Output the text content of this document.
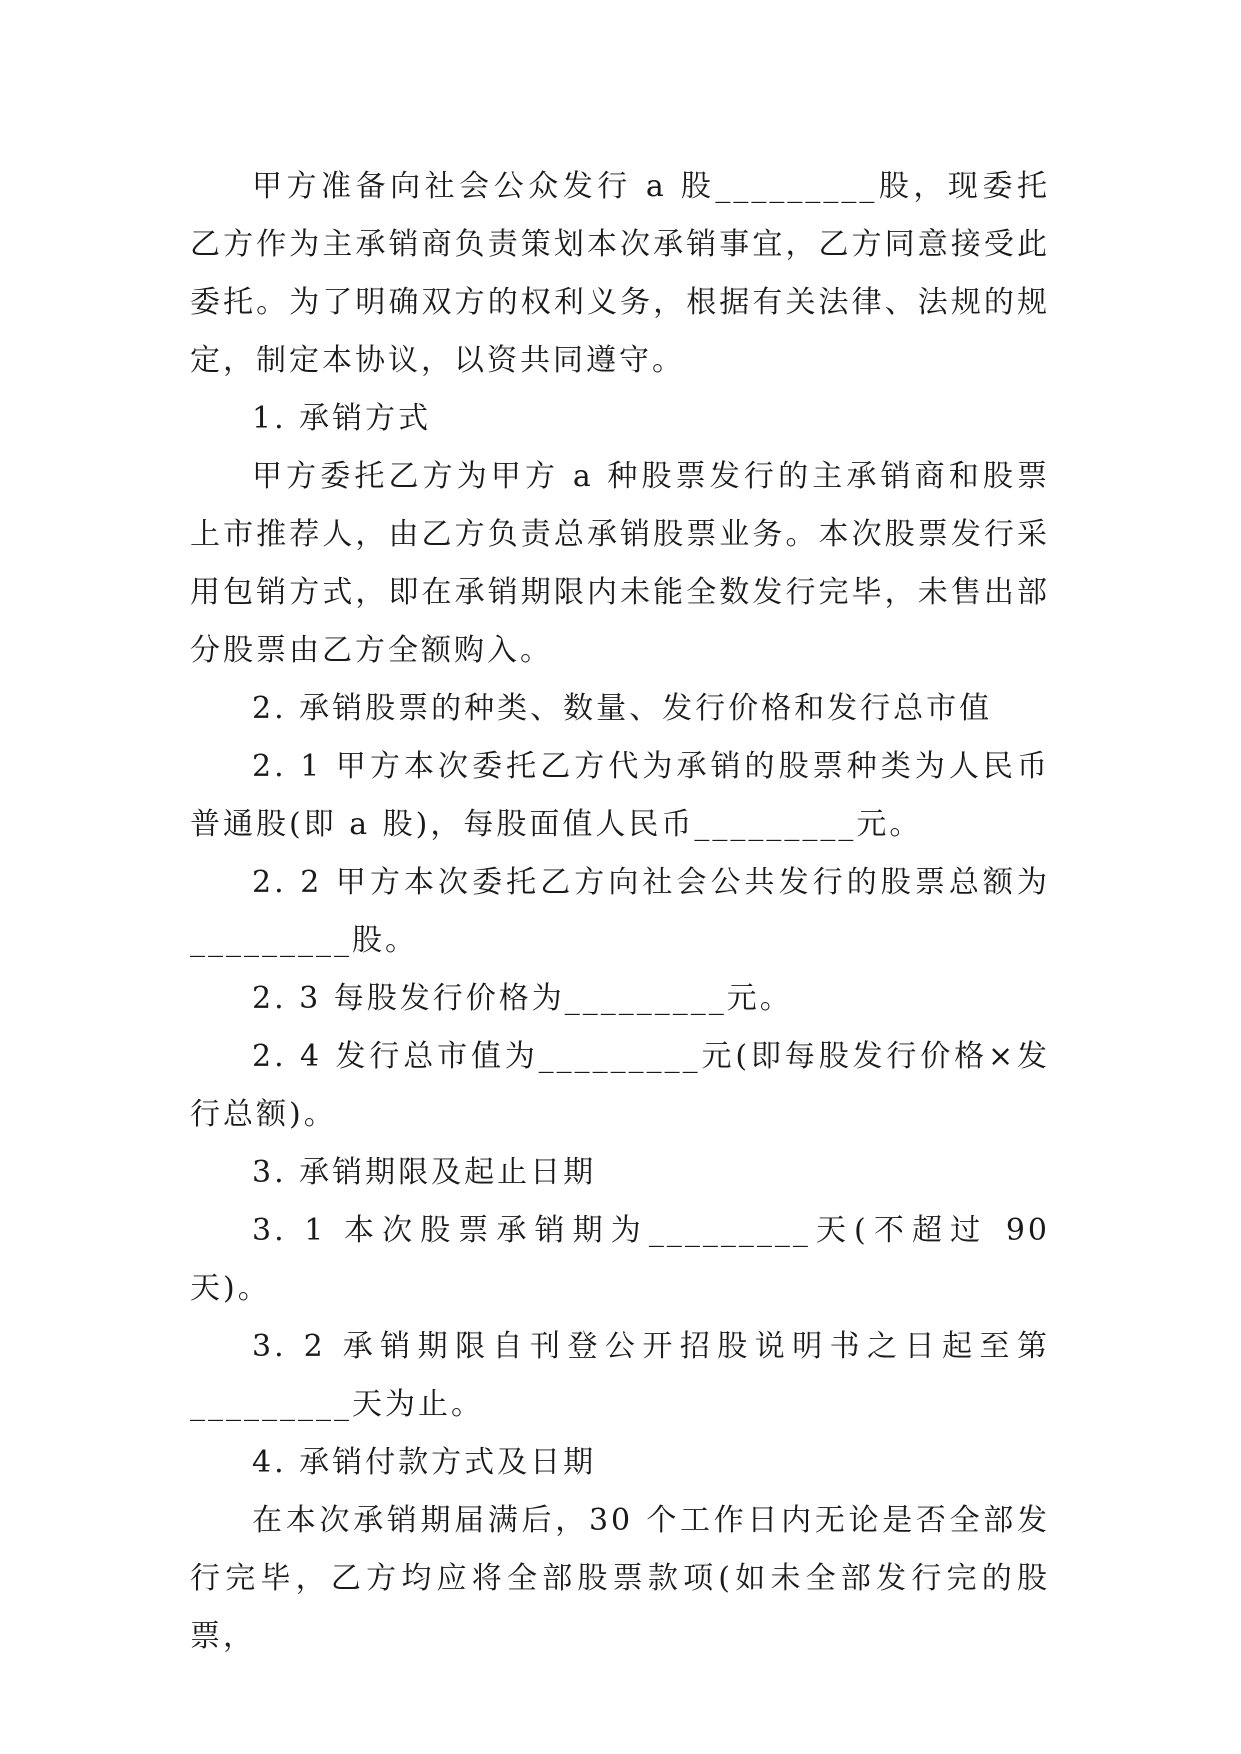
甲方准备向社会公众发行 a 股_________股，现委托乙方作为主承销商负责策划本次承销事宜，乙方同意接受此委托。为了明确双方的权利义务，根据有关法律、法规的规定，制定本协议，以资共同遵守。

1. 承销方式

甲方委托乙方为甲方 a 种股票发行的主承销商和股票上市推荐人，由乙方负责总承销股票业务。本次股票发行采用包销方式，即在承销期限内未能全数发行完毕，未售出部分股票由乙方全额购入。

2. 承销股票的种类、数量、发行价格和发行总市值

2. 1 甲方本次委托乙方代为承销的股票种类为人民币普通股(即 a 股)，每股面值人民币_________元。

2. 2 甲方本次委托乙方向社会公共发行的股票总额为_________股。

2. 3 每股发行价格为_________元。

2. 4 发行总市值为_________元(即每股发行价格×发行总额)。

3. 承销期限及起止日期

3. 1 本次股票承销期为_________天(不超过 90 天)。

3. 2 承销期限自刊登公开招股说明书之日起至第_________天为止。

4. 承销付款方式及日期

在本次承销期届满后，30 个工作日内无论是否全部发行完毕，乙方均应将全部股票款项(如未全部发行完的股票，
